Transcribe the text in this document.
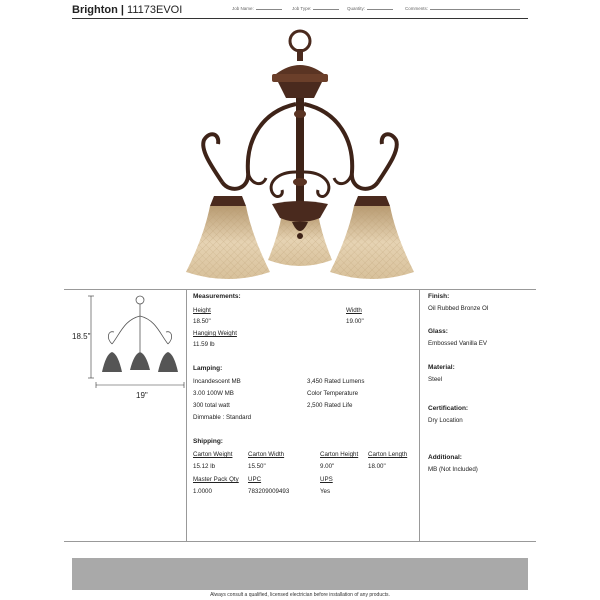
Brighton | 11173EVOI	Job Name:	Job Type:	Quantity:	Comments:
18.5"
19"
Measurements:
Height
18.50"
Width
19.00"
Hanging Weight
11.59 lb
Lamping:
Incandescent MB
3.00 100W MB
300 total watt
Dimmable : Standard
3,450 Rated Lumens
Color Temperature
2,500 Rated Life
Shipping:
Carton Weight	Carton Width	Carton Height Carton Length
15.12 lb	15.50"	9.00"	18.00"
Master Pack Qty UPC	UPS
1.0000	783209009493	Yes
Finish:
Oil Rubbed Bronze OI
Glass:
Embossed Vanilla EV
Material:
Steel
Certification:
Dry Location
Additional:
MB (Not Included)
Always consult a qualified, licensed electrician before installation of any products.
